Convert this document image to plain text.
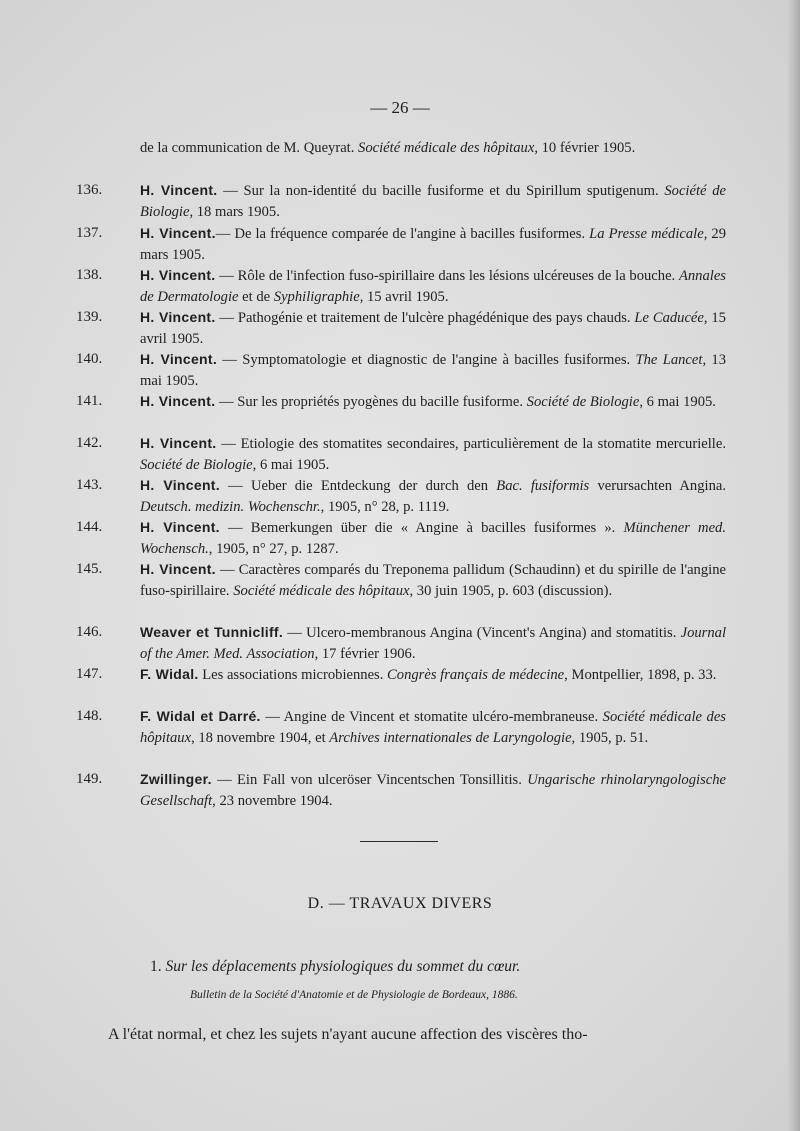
— 26 —
de la communication de M. Queyrat. Société médicale des hôpitaux, 10 février 1905.
136.	H. Vincent. — Sur la non-identité du bacille fusiforme et du Spirillum sputigenum. Société de Biologie, 18 mars 1905.
137.	H. Vincent.— De la fréquence comparée de l'angine à bacilles fusiformes. La Presse médicale, 29 mars 1905.
138.	H. Vincent. — Rôle de l'infection fuso-spirillaire dans les lésions ulcéreuses de la bouche. Annales de Dermatologie et de Syphiligraphie, 15 avril 1905.
139.	H. Vincent. — Pathogénie et traitement de l'ulcère phagédénique des pays chauds. Le Caducée, 15 avril 1905.
140.	H. Vincent. — Symptomatologie et diagnostic de l'angine à bacilles fusiformes. The Lancet, 13 mai 1905.
141.	H. Vincent. — Sur les propriétés pyogènes du bacille fusiforme. Société de Biologie, 6 mai 1905.
142.	H. Vincent. — Etiologie des stomatites secondaires, particulièrement de la stomatite mercurielle. Société de Biologie, 6 mai 1905.
143.	H. Vincent. — Ueber die Entdeckung der durch den Bac. fusiformis verursachten Angina. Deutsch. medizin. Wochenschr., 1905, n° 28, p. 1119.
144.	H. Vincent. — Bemerkungen über die « Angine à bacilles fusiformes ». Münchener med. Wochensch., 1905, n° 27, p. 1287.
145.	H. Vincent. — Caractères comparés du Treponema pallidum (Schaudinn) et du spirille de l'angine fuso-spirillaire. Société médicale des hôpitaux, 30 juin 1905, p. 603 (discussion).
146.	Weaver et Tunnicliff. — Ulcero-membranous Angina (Vincent's Angina) and stomatitis. Journal of the Amer. Med. Association, 17 février 1906.
147.	F. Widal. Les associations microbiennes. Congrès français de médecine, Montpellier, 1898, p. 33.
148.	F. Widal et Darré. — Angine de Vincent et stomatite ulcéro-membraneuse. Société médicale des hôpitaux, 18 novembre 1904, et Archives internationales de Laryngologie, 1905, p. 51.
149.	Zwillinger. — Ein Fall von ulceröser Vincentschen Tonsillitis. Ungarische rhinolaryngologische Gesellschaft, 23 novembre 1904.
D. — TRAVAUX DIVERS
1. Sur les déplacements physiologiques du sommet du cœur.
Bulletin de la Société d'Anatomie et de Physiologie de Bordeaux, 1886.
A l'état normal, et chez les sujets n'ayant aucune affection des viscères tho-
